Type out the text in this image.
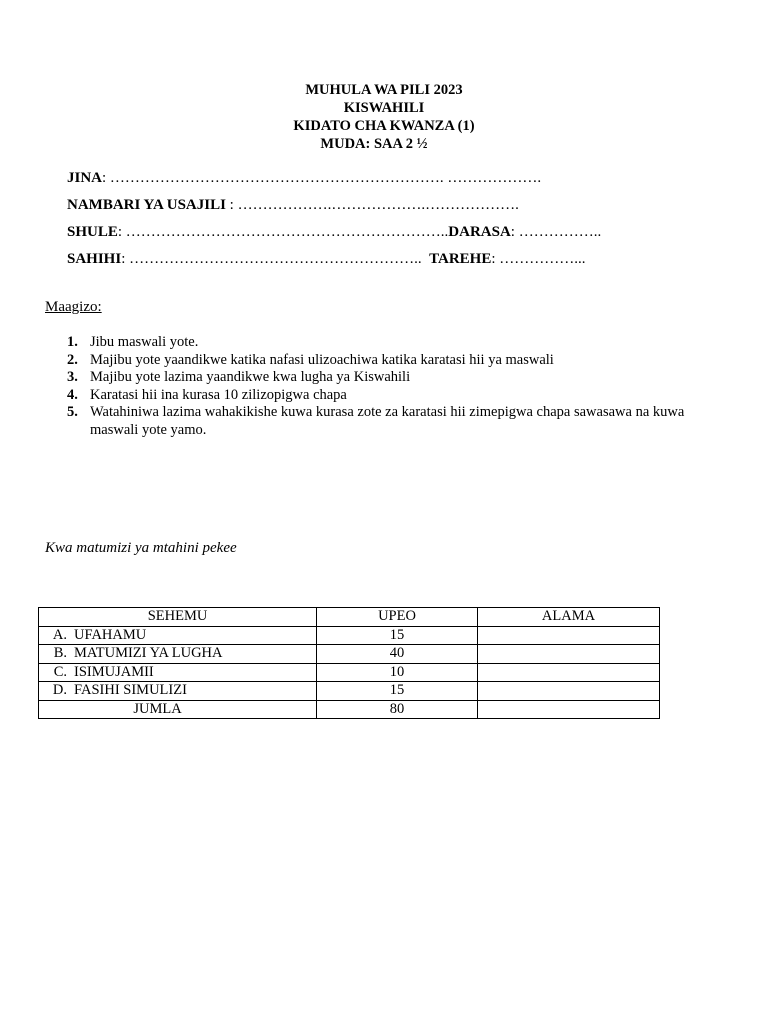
MUHULA WA PILI 2023
KISWAHILI
KIDATO CHA KWANZA (1)
MUDA: SAA 2 ½
JINA: …………………………………………………………. ……………….
NAMBARI YA USAJILI : ……………….……………….……………….
SHULE: ………………………………………………………..DARASA: ……………..
SAHIHI: …………………………………………………..  TAREHE: ……………...
Maagizo:
1. Jibu maswali yote.
2. Majibu yote yaandikwe katika nafasi ulizoachiwa katika karatasi hii ya maswali
3. Majibu yote lazima yaandikwe kwa lugha ya Kiswahili
4. Karatasi hii ina kurasa 10 zilizopigwa chapa
5. Watahiniwa lazima wahakikishe kuwa kurasa zote za karatasi hii zimepigwa chapa sawasawa na kuwa maswali yote yamo.
Kwa matumizi ya mtahini pekee
SEHEMU	UPEO	ALAMA
A. UFAHAMU	15	
B. MATUMIZI YA LUGHA	40	
C. ISIMUJAMII	10	
D. FASIHI SIMULIZI	15	
JUMLA	80	
